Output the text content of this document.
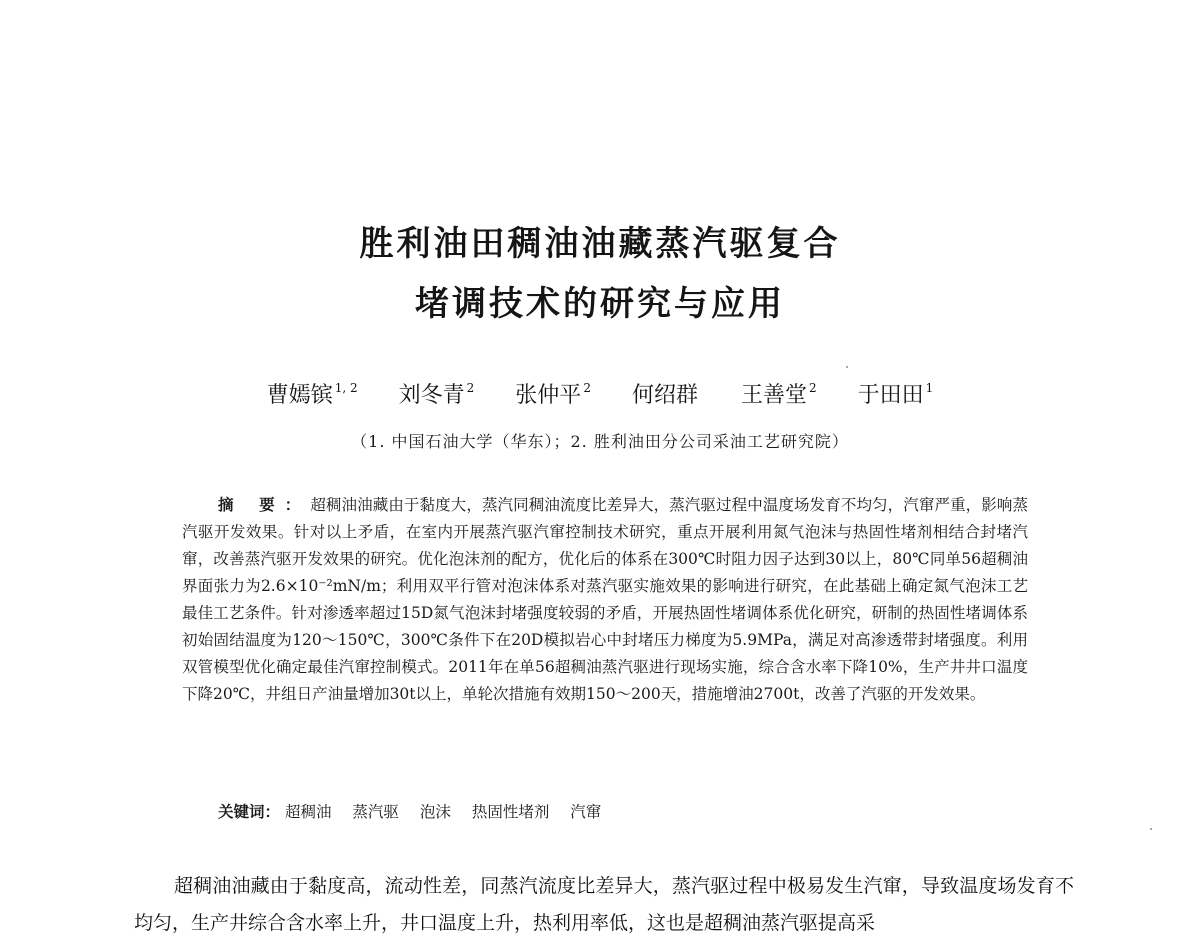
胜利油田稠油油藏蒸汽驱复合
堵调技术的研究与应用
曹嫣镔 $^{1, 2}$ 刘冬青 $^2$ 张仲平 $^2$ 何绍群 王善堂 $^2$ 于田田 $^1$
（1. 中国石油大学（华东）；2. 胜利油田分公司采油工艺研究院）
摘 要：超稠油油藏由于黏度大，蒸汽同稠油流度比差异大，蒸汽驱过程中温度场发育不均匀，汽窜严重，影响蒸汽驱开发效果。针对以上矛盾，在室内开展蒸汽驱汽窜控制技术研究，重点开展利用氮气泡沫与热固性堵剂相结合封堵汽窜，改善蒸汽驱开发效果的研究。优化泡沫剂的配方，优化后的体系在300℃时阻力因子达到30以上，80℃同单56超稠油界面张力为2.6×10⁻²mN/m；利用双平行管对泡沫体系对蒸汽驱实施效果的影响进行研究，在此基础上确定氮气泡沫工艺最佳工艺条件。针对渗透率超过15D氮气泡沫封堵强度较弱的矛盾，开展热固性堵调体系优化研究，研制的热固性堵调体系初始固结温度为120～150℃，300℃条件下在20D模拟岩心中封堵压力梯度为5.9MPa，满足对高渗透带封堵强度。利用双管模型优化确定最佳汽窜控制模式。2011年在单56超稠油蒸汽驱进行现场实施，综合含水率下降10%，生产井井口温度下降20℃，井组日产油量增加30t以上，单轮次措施有效期150～200天，措施增油2700t，改善了汽驱的开发效果。
关键词： 超稠油 蒸汽驱 泡沫 热固性堵剂 汽窜
超稠油油藏由于黏度高，流动性差，同蒸汽流度比差异大，蒸汽驱过程中极易发生汽窜，导致温度场发育不均匀，生产井综合含水率上升，井口温度上升，热利用率低，这也是超稠油蒸汽驱提高采
